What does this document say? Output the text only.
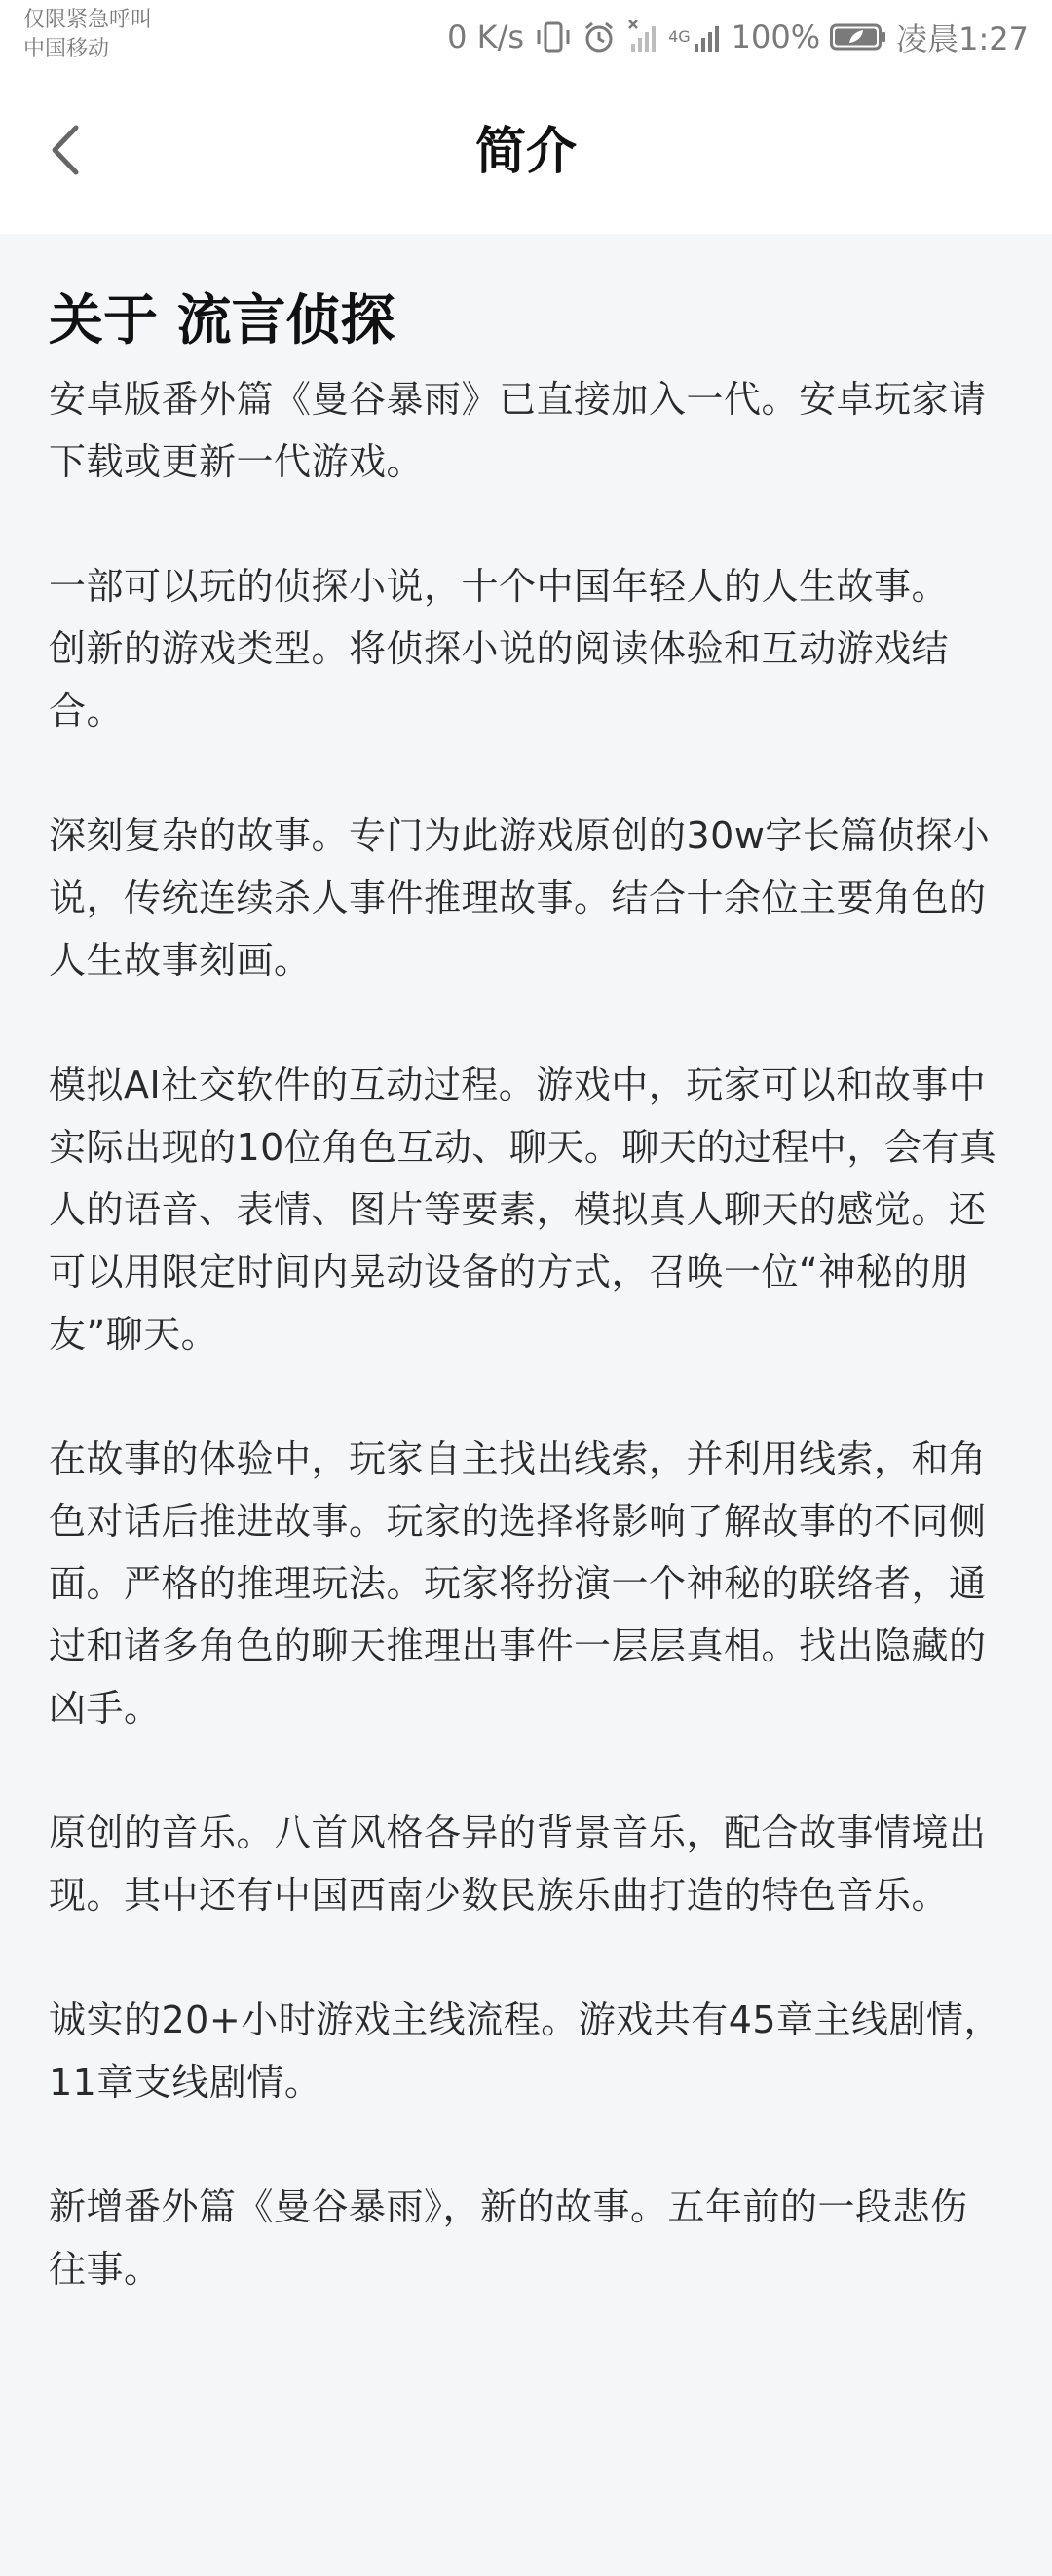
仅限紧急呼叫
中国移动	0 K/s	4G 100% 凌晨1:27
简介
关于 流言侦探

安卓版番外篇《曼谷暴雨》已直接加入一代。安卓玩家请下载或更新一代游戏。

一部可以玩的侦探小说，十个中国年轻人的人生故事。

创新的游戏类型。将侦探小说的阅读体验和互动游戏结合。

深刻复杂的故事。专门为此游戏原创的30w字长篇侦探小说，传统连续杀人事件推理故事。结合十余位主要角色的人生故事刻画。

模拟AI社交软件的互动过程。游戏中，玩家可以和故事中实际出现的10位角色互动、聊天。聊天的过程中，会有真人的语音、表情、图片等要素，模拟真人聊天的感觉。还可以用限定时间内晃动设备的方式，召唤一位“神秘的朋友”聊天。

在故事的体验中，玩家自主找出线索，并利用线索，和角色对话后推进故事。玩家的选择将影响了解故事的不同侧面。严格的推理玩法。玩家将扮演一个神秘的联络者，通过和诸多角色的聊天推理出事件一层层真相。找出隐藏的凶手。

原创的音乐。八首风格各异的背景音乐，配合故事情境出现。其中还有中国西南少数民族乐曲打造的特色音乐。

诚实的20+小时游戏主线流程。游戏共有45章主线剧情，11章支线剧情。

新增番外篇《曼谷暴雨》，新的故事。五年前的一段悲伤往事。
